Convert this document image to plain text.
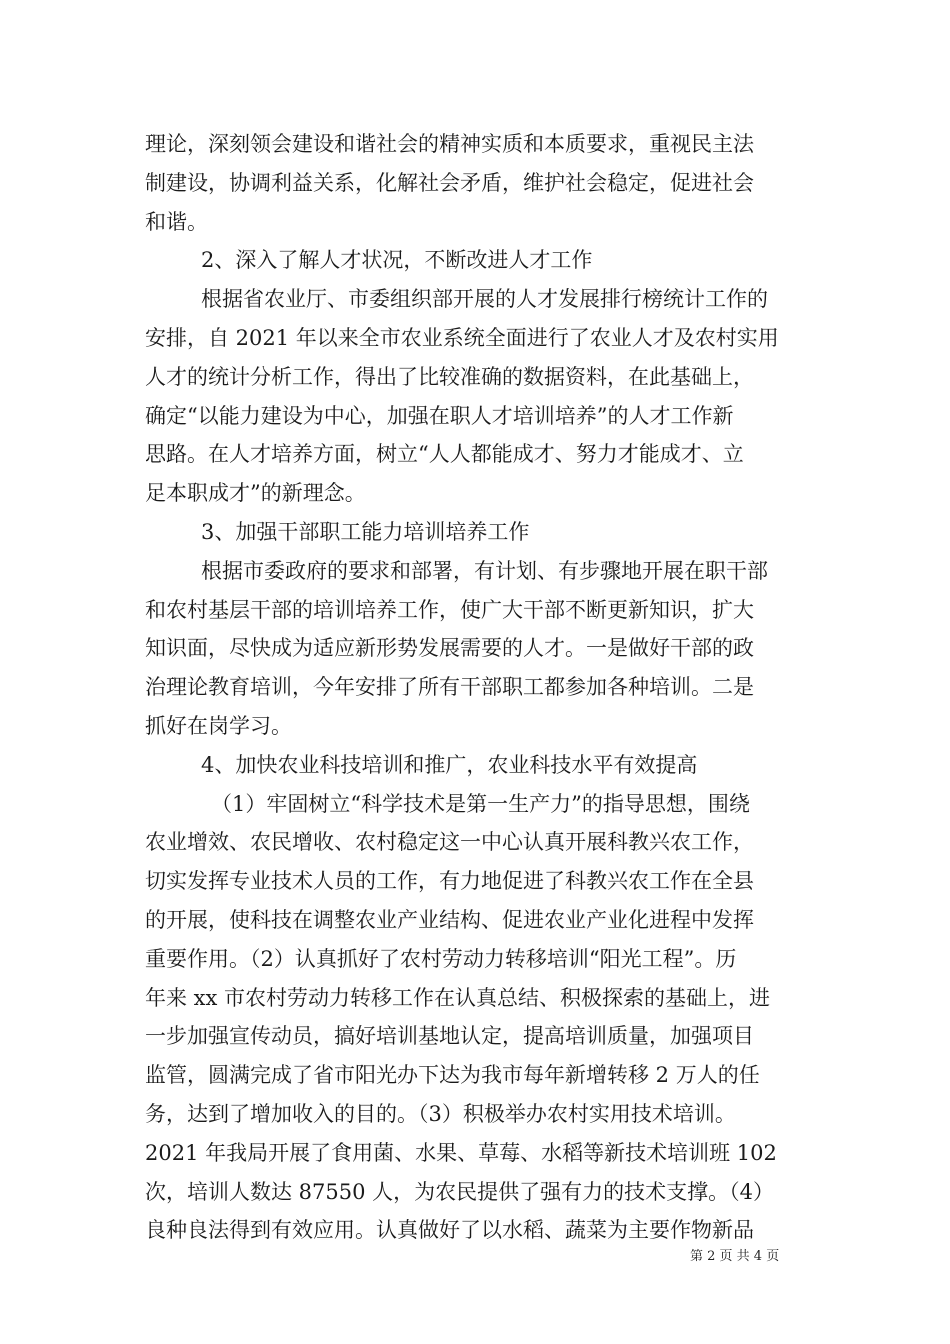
理论，深刻领会建设和谐社会的精神实质和本质要求，重视民主法
制建设，协调利益关系，化解社会矛盾，维护社会稳定，促进社会
和谐。
2、深入了解人才状况，不断改进人才工作
根据省农业厅、市委组织部开展的人才发展排行榜统计工作的
安排，自 2021 年以来全市农业系统全面进行了农业人才及农村实用
人才的统计分析工作，得出了比较准确的数据资料，在此基础上，
确定“以能力建设为中心，加强在职人才培训培养”的人才工作新
思路。在人才培养方面，树立“人人都能成才、努力才能成才、立
足本职成才”的新理念。
3、加强干部职工能力培训培养工作
根据市委政府的要求和部署，有计划、有步骤地开展在职干部
和农村基层干部的培训培养工作，使广大干部不断更新知识，扩大
知识面，尽快成为适应新形势发展需要的人才。一是做好干部的政
治理论教育培训，今年安排了所有干部职工都参加各种培训。二是
抓好在岗学习。
4、加快农业科技培训和推广，农业科技水平有效提高
（1）牢固树立“科学技术是第一生产力”的指导思想，围绕
农业增效、农民增收、农村稳定这一中心认真开展科教兴农工作，
切实发挥专业技术人员的工作，有力地促进了科教兴农工作在全县
的开展，使科技在调整农业产业结构、促进农业产业化进程中发挥
重要作用。（2）认真抓好了农村劳动力转移培训“阳光工程”。历
年来 xx 市农村劳动力转移工作在认真总结、积极探索的基础上，进
一步加强宣传动员，搞好培训基地认定，提高培训质量，加强项目
监管，圆满完成了省市阳光办下达为我市每年新增转移 2 万人的任
务，达到了增加收入的目的。（3）积极举办农村实用技术培训。
2021 年我局开展了食用菌、水果、草莓、水稻等新技术培训班 102
次，培训人数达 87550 人，为农民提供了强有力的技术支撑。（4）
良种良法得到有效应用。认真做好了以水稻、蔬菜为主要作物新品
第 2 页 共 4 页
